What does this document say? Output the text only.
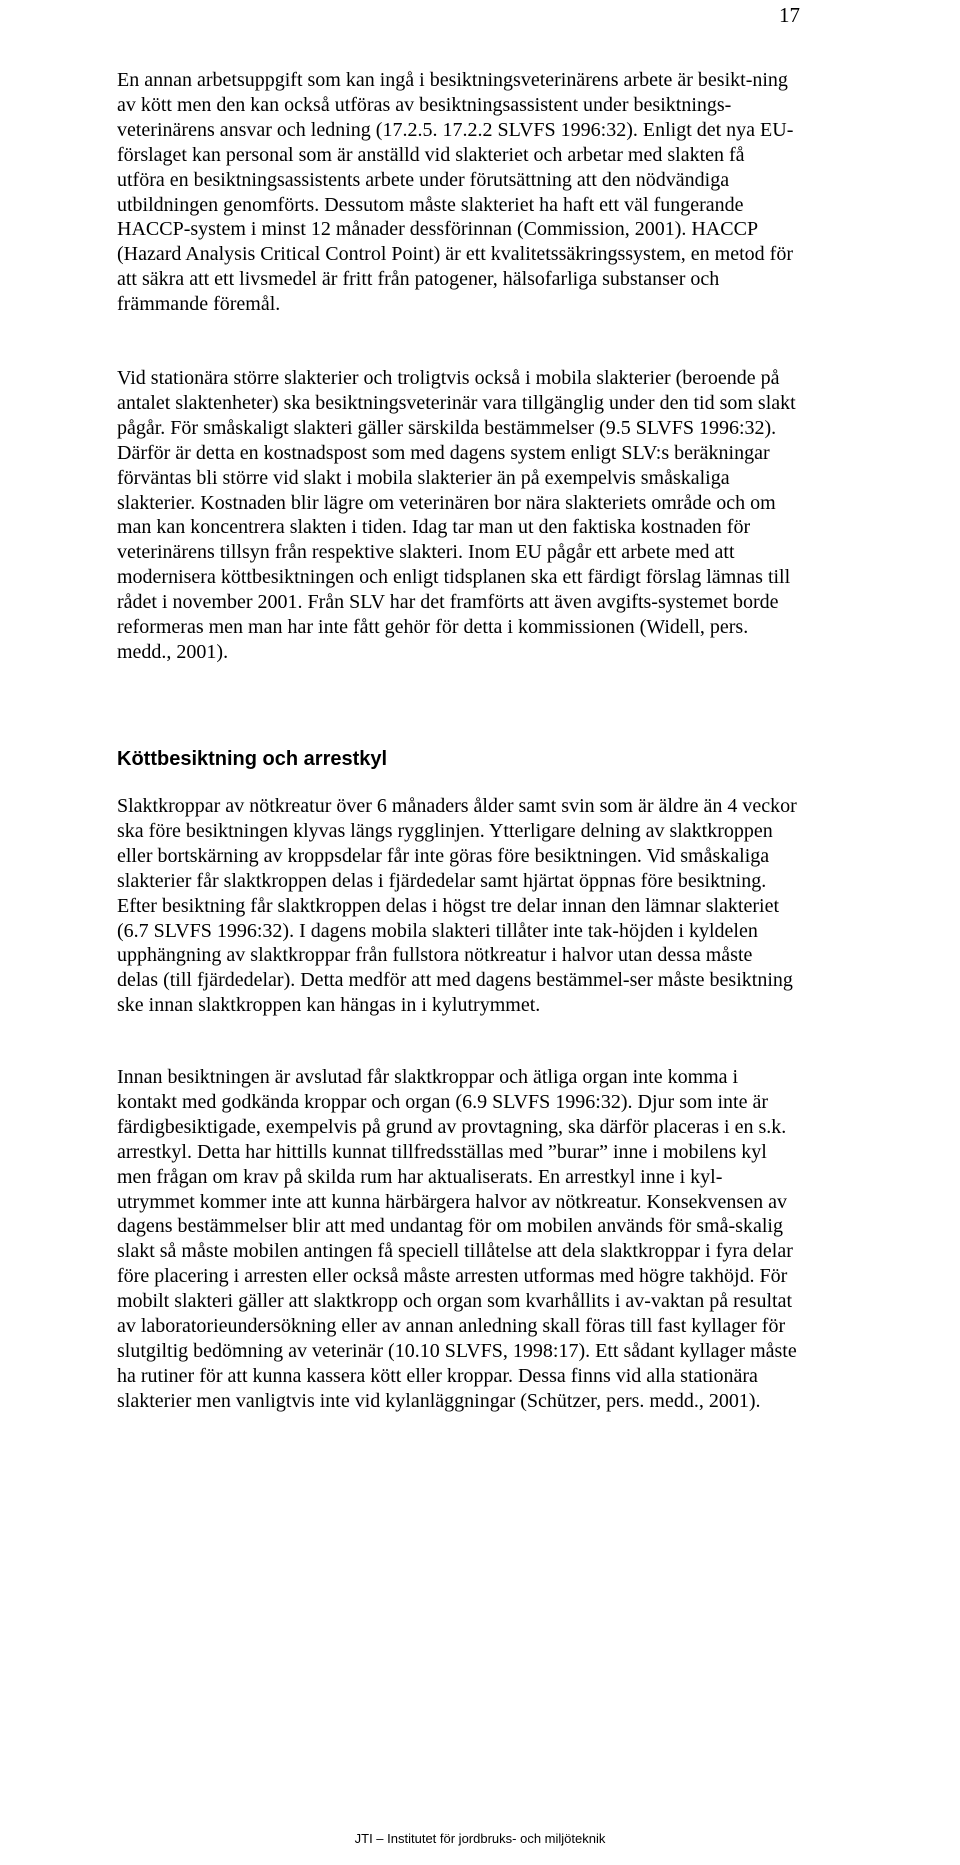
17

En annan arbetsuppgift som kan ingå i besiktningsveterinärens arbete är besikt-ning av kött men den kan också utföras av besiktningsassistent under besiktnings-veterinärens ansvar och ledning (17.2.5. 17.2.2 SLVFS 1996:32). Enligt det nya EU-förslaget kan personal som är anställd vid slakteriet och arbetar med slakten få utföra en besiktningsassistents arbete under förutsättning att den nödvändiga utbildningen genomförts. Dessutom måste slakteriet ha haft ett väl fungerande HACCP-system i minst 12 månader dessförinnan (Commission, 2001). HACCP (Hazard Analysis Critical Control Point) är ett kvalitetssäkringssystem, en metod för att säkra att ett livsmedel är fritt från patogener, hälsofarliga substanser och främmande föremål.

Vid stationära större slakterier och troligtvis också i mobila slakterier (beroende på antalet slaktenheter) ska besiktningsveterinär vara tillgänglig under den tid som slakt pågår. För småskaligt slakteri gäller särskilda bestämmelser (9.5 SLVFS 1996:32). Därför är detta en kostnadspost som med dagens system enligt SLV:s beräkningar förväntas bli större vid slakt i mobila slakterier än på exempelvis småskaliga slakterier. Kostnaden blir lägre om veterinären bor nära slakteriets område och om man kan koncentrera slakten i tiden. Idag tar man ut den faktiska kostnaden för veterinärens tillsyn från respektive slakteri. Inom EU pågår ett arbete med att modernisera köttbesiktningen och enligt tidsplanen ska ett färdigt förslag lämnas till rådet i november 2001. Från SLV har det framförts att även avgifts-systemet borde reformeras men man har inte fått gehör för detta i kommissionen (Widell, pers. medd., 2001).

Köttbesiktning och arrestkyl

Slaktkroppar av nötkreatur över 6 månaders ålder samt svin som är äldre än 4 veckor ska före besiktningen klyvas längs rygglinjen. Ytterligare delning av slaktkroppen eller bortskärning av kroppsdelar får inte göras före besiktningen. Vid småskaliga slakterier får slaktkroppen delas i fjärdedelar samt hjärtat öppnas före besiktning. Efter besiktning får slaktkroppen delas i högst tre delar innan den lämnar slakteriet (6.7 SLVFS 1996:32). I dagens mobila slakteri tillåter inte tak-höjden i kyldelen upphängning av slaktkroppar från fullstora nötkreatur i halvor utan dessa måste delas (till fjärdedelar). Detta medför att med dagens bestämmel-ser måste besiktning ske innan slaktkroppen kan hängas in i kylutrymmet.

Innan besiktningen är avslutad får slaktkroppar och ätliga organ inte komma i kontakt med godkända kroppar och organ (6.9 SLVFS 1996:32). Djur som inte är färdigbesiktigade, exempelvis på grund av provtagning, ska därför placeras i en s.k. arrestkyl. Detta har hittills kunnat tillfredsställas med ”burar” inne i mobilens kyl men frågan om krav på skilda rum har aktualiserats. En arrestkyl inne i kyl-utrymmet kommer inte att kunna härbärgera halvor av nötkreatur. Konsekvensen av dagens bestämmelser blir att med undantag för om mobilen används för små-skalig slakt så måste mobilen antingen få speciell tillåtelse att dela slaktkroppar i fyra delar före placering i arresten eller också måste arresten utformas med högre takhöjd. För mobilt slakteri gäller att slaktkropp och organ som kvarhållits i av-vaktan på resultat av laboratorieundersökning eller av annan anledning skall föras till fast kyllager för slutgiltig bedömning av veterinär (10.10 SLVFS, 1998:17). Ett sådant kyllager måste ha rutiner för att kunna kassera kött eller kroppar. Dessa finns vid alla stationära slakterier men vanligtvis inte vid kylanläggningar (Schützer, pers. medd., 2001).

JTI – Institutet för jordbruks- och miljöteknik
